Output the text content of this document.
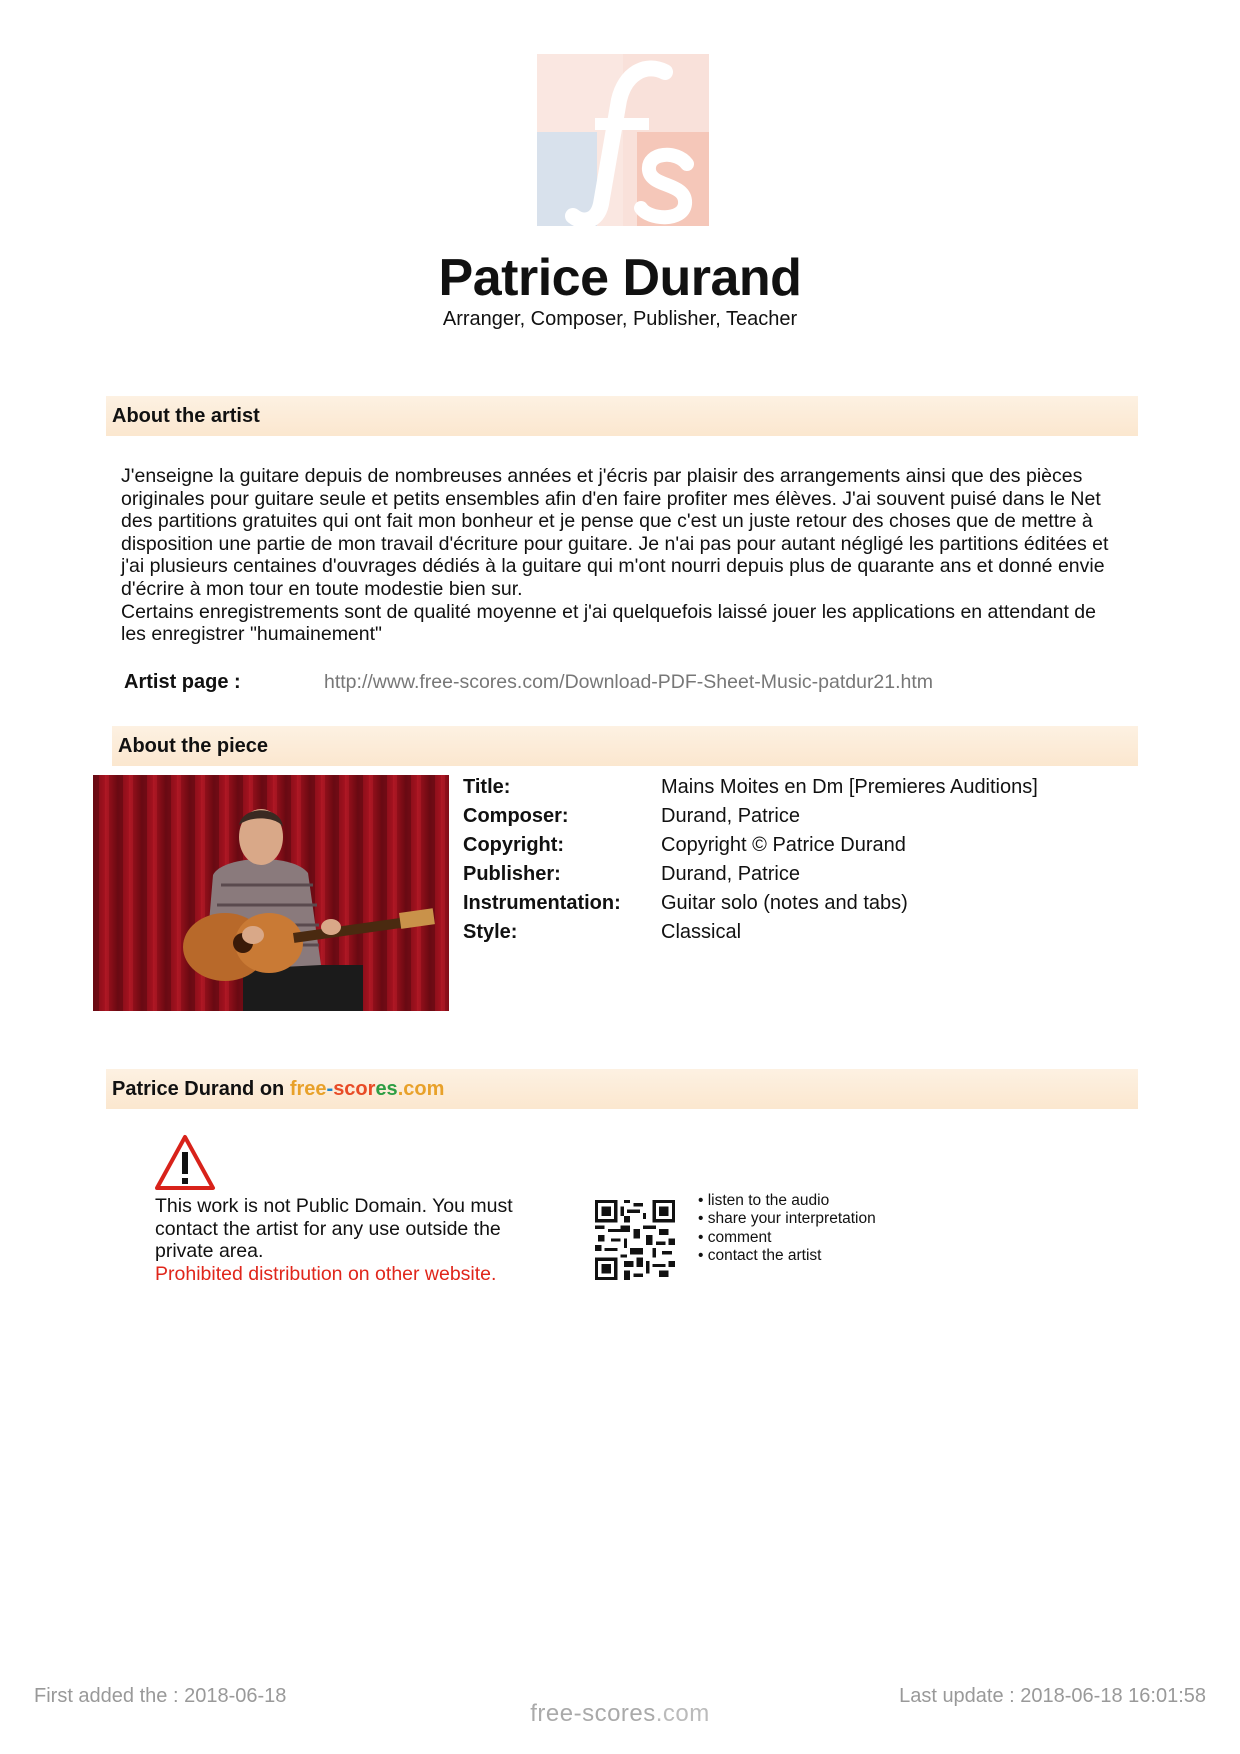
Patrice Durand
Arranger, Composer, Publisher, Teacher
About the artist

J'enseigne la guitare depuis de nombreuses années et j'écris par plaisir des arrangements ainsi que des pièces originales pour guitare seule et petits ensembles afin d'en faire profiter mes élèves. J'ai souvent puisé dans le Net

des partitions gratuites qui ont fait mon bonheur et je pense que c'est un juste retour des choses que de mettre à disposition une partie de mon travail d'écriture pour guitare. Je n'ai pas pour autant négligé les partitions éditées et j'ai plusieurs centaines d'ouvrages dédiés à la guitare qui m'ont nourri depuis plus de quarante ans et donné envie d'écrire à mon tour en toute modestie bien sur.

Certains enregistrements sont de qualité moyenne et j'ai quelquefois laissé jouer les applications en attendant de les enregistrer "humainement"

Artist page :	http://www.free-scores.com/Download-PDF-Sheet-Music-patdur21.htm
About the piece
Title:	Mains Moites en Dm [Premieres Auditions]
Composer:	Durand, Patrice
Copyright:	Copyright © Patrice Durand
Publisher:	Durand, Patrice
Instrumentation: Guitar solo (notes and tabs)
Style:	Classical
Patrice Durand on free-scores.com
This work is not Public Domain. You must contact the artist for any use outside the private area.
Prohibited distribution on other website.
• listen to the audio
• share your interpretation
• comment
• contact the artist
First added the : 2018-06-18	Last update : 2018-06-18 16:01:58
free-scores.com
